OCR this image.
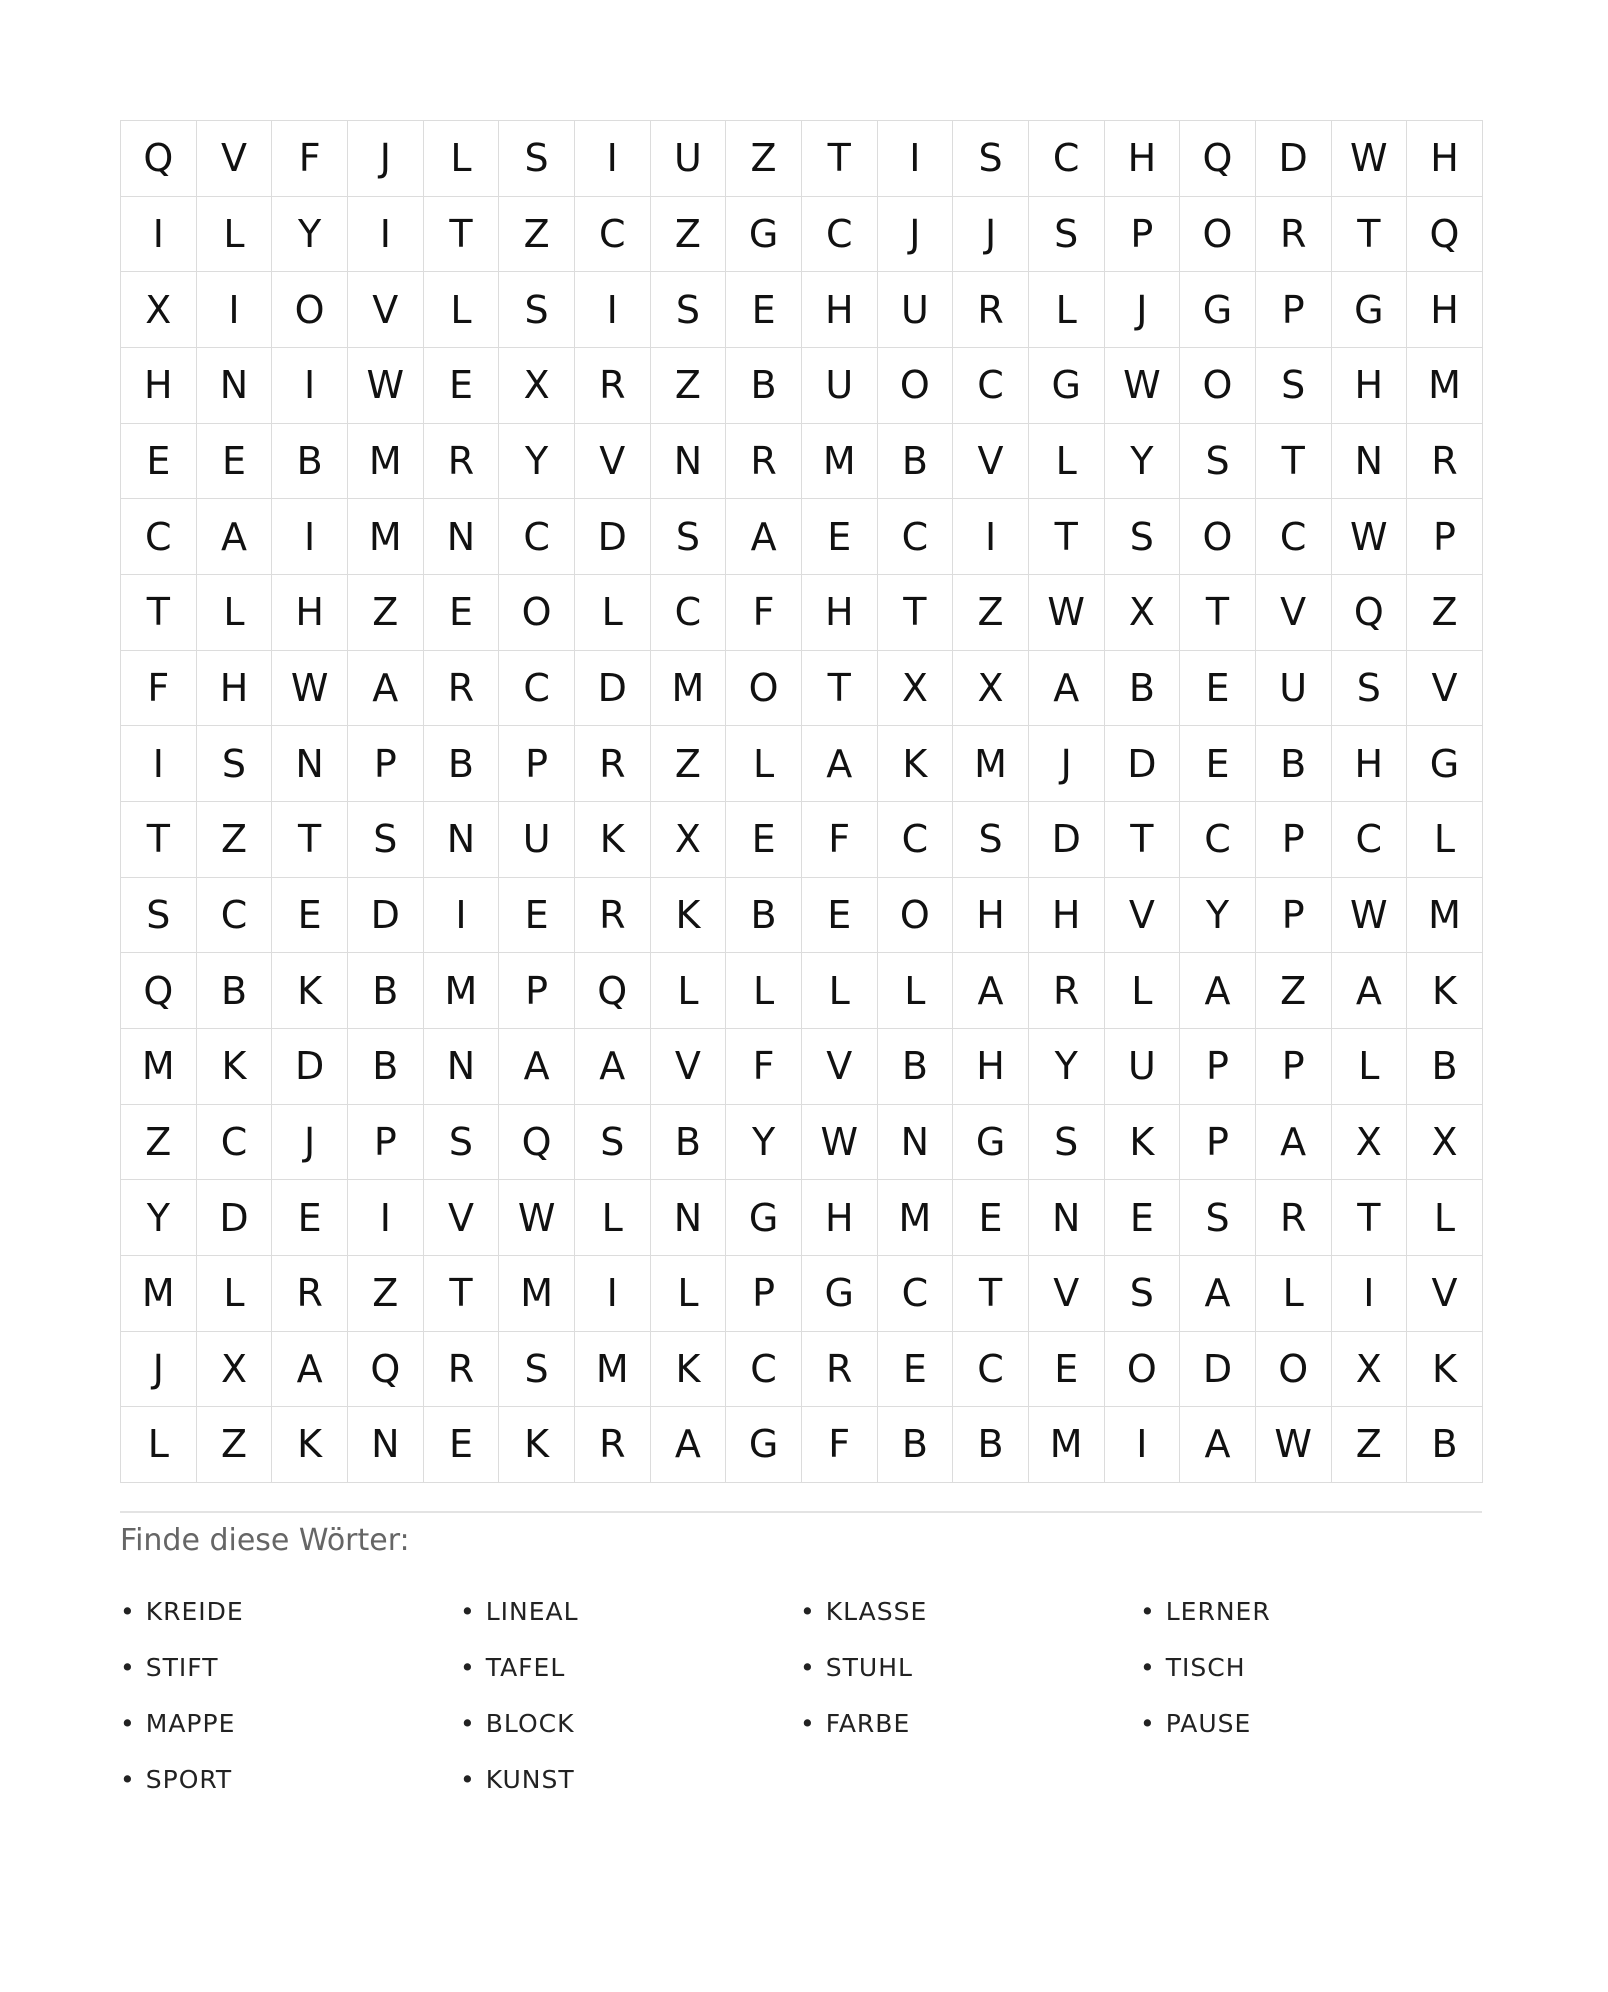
Q	V	F	J	L	S	I	U	Z	T	I	S	C	H	Q	D	W	H
I	L	Y	I	T	Z	C	Z	G	C	J	J	S	P	O	R	T	Q
X	I	O	V	L	S	I	S	E	H	U	R	L	J	G	P	G	H
H	N	I	W	E	X	R	Z	B	U	O	C	G	W	O	S	H	M
E	E	B	M	R	Y	V	N	R	M	B	V	L	Y	S	T	N	R
C	A	I	M	N	C	D	S	A	E	C	I	T	S	O	C	W	P
T	L	H	Z	E	O	L	C	F	H	T	Z	W	X	T	V	Q	Z
F	H	W	A	R	C	D	M	O	T	X	X	A	B	E	U	S	V
I	S	N	P	B	P	R	Z	L	A	K	M	J	D	E	B	H	G
T	Z	T	S	N	U	K	X	E	F	C	S	D	T	C	P	C	L
S	C	E	D	I	E	R	K	B	E	O	H	H	V	Y	P	W	M
Q	B	K	B	M	P	Q	L	L	L	L	A	R	L	A	Z	A	K
M	K	D	B	N	A	A	V	F	V	B	H	Y	U	P	P	L	B
Z	C	J	P	S	Q	S	B	Y	W	N	G	S	K	P	A	X	X
Y	D	E	I	V	W	L	N	G	H	M	E	N	E	S	R	T	L
M	L	R	Z	T	M	I	L	P	G	C	T	V	S	A	L	I	V
J	X	A	Q	R	S	M	K	C	R	E	C	E	O	D	O	X	K
L	Z	K	N	E	K	R	A	G	F	B	B	M	I	A	W	Z	B
Finde diese Wörter:
• KREIDE	• LINEAL	• KLASSE	• LERNER
• STIFT	• TAFEL	• STUHL	• TISCH
• MAPPE	• BLOCK	• FARBE	• PAUSE
• SPORT	• KUNST
